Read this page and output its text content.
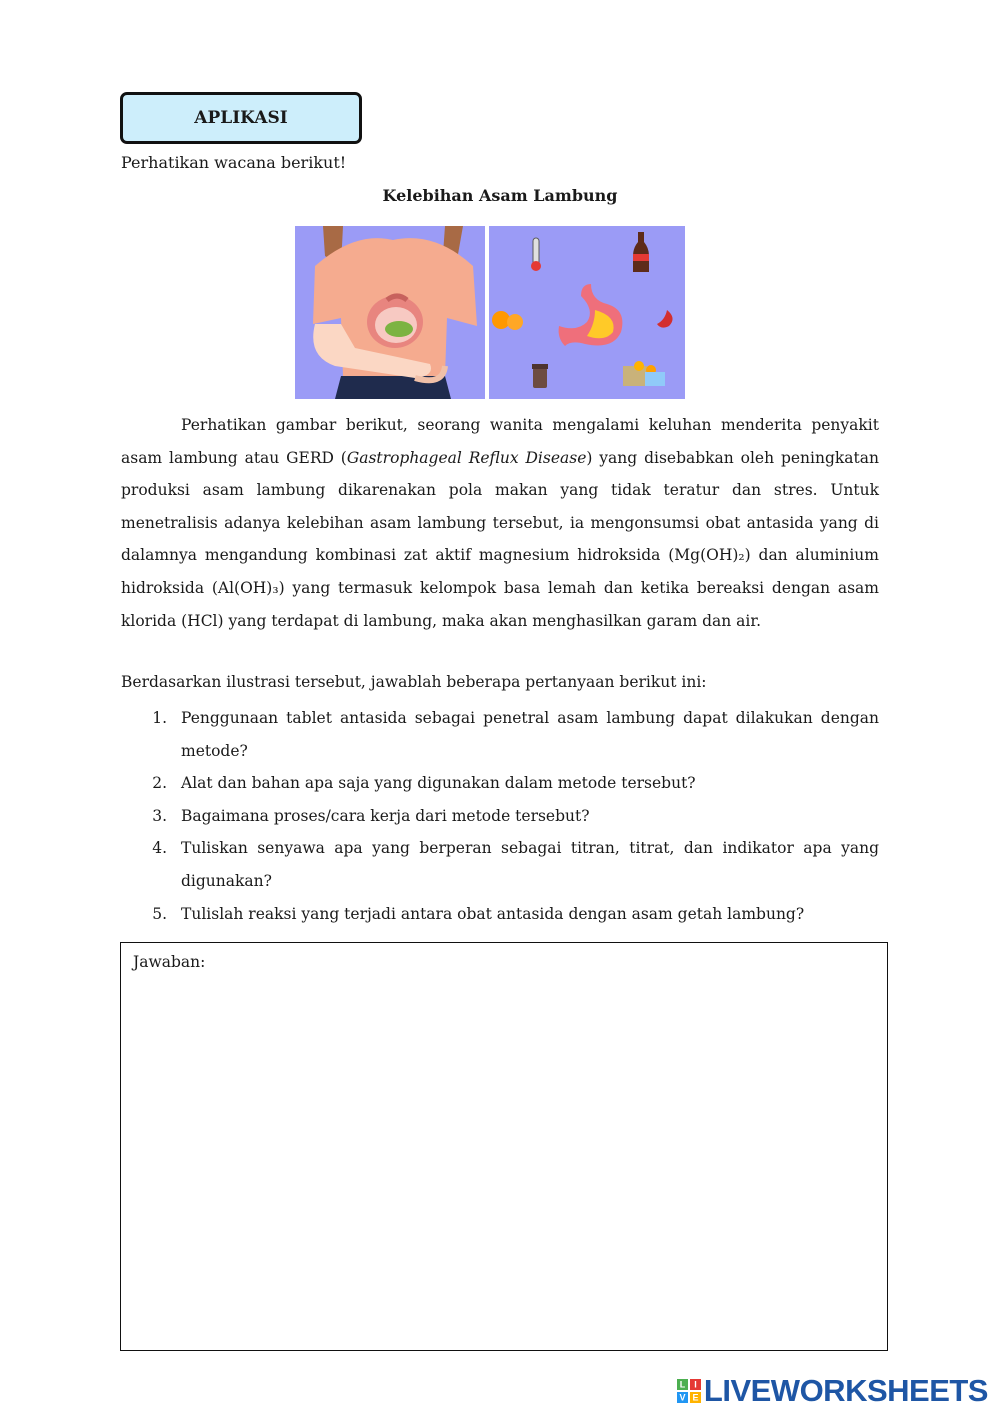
APLIKASI
Perhatikan wacana berikut!
Kelebihan Asam Lambung

Perhatikan gambar berikut, seorang wanita mengalami keluhan menderita penyakit asam lambung atau GERD (Gastrophageal Reflux Disease) yang disebabkan oleh peningkatan produksi asam lambung dikarenakan pola makan yang tidak teratur dan stres. Untuk menetralisis adanya kelebihan asam lambung tersebut, ia mengonsumsi obat antasida yang di dalamnya mengandung kombinasi zat aktif magnesium hidroksida (Mg(OH)₂) dan aluminium hidroksida (Al(OH)₃) yang termasuk kelompok basa lemah dan ketika bereaksi dengan asam klorida (HCl) yang terdapat di lambung, maka akan menghasilkan garam dan air.

Berdasarkan ilustrasi tersebut, jawablah beberapa pertanyaan berikut ini:
1. Penggunaan tablet antasida sebagai penetral asam lambung dapat dilakukan dengan metode?
2. Alat dan bahan apa saja yang digunakan dalam metode tersebut?
3. Bagaimana proses/cara kerja dari metode tersebut?
4. Tuliskan senyawa apa yang berperan sebagai titran, titrat, dan indikator apa yang digunakan?
5. Tulislah reaksi yang terjadi antara obat antasida dengan asam getah lambung?
Jawaban:
L I
V E LIVEWORKSHEETS
